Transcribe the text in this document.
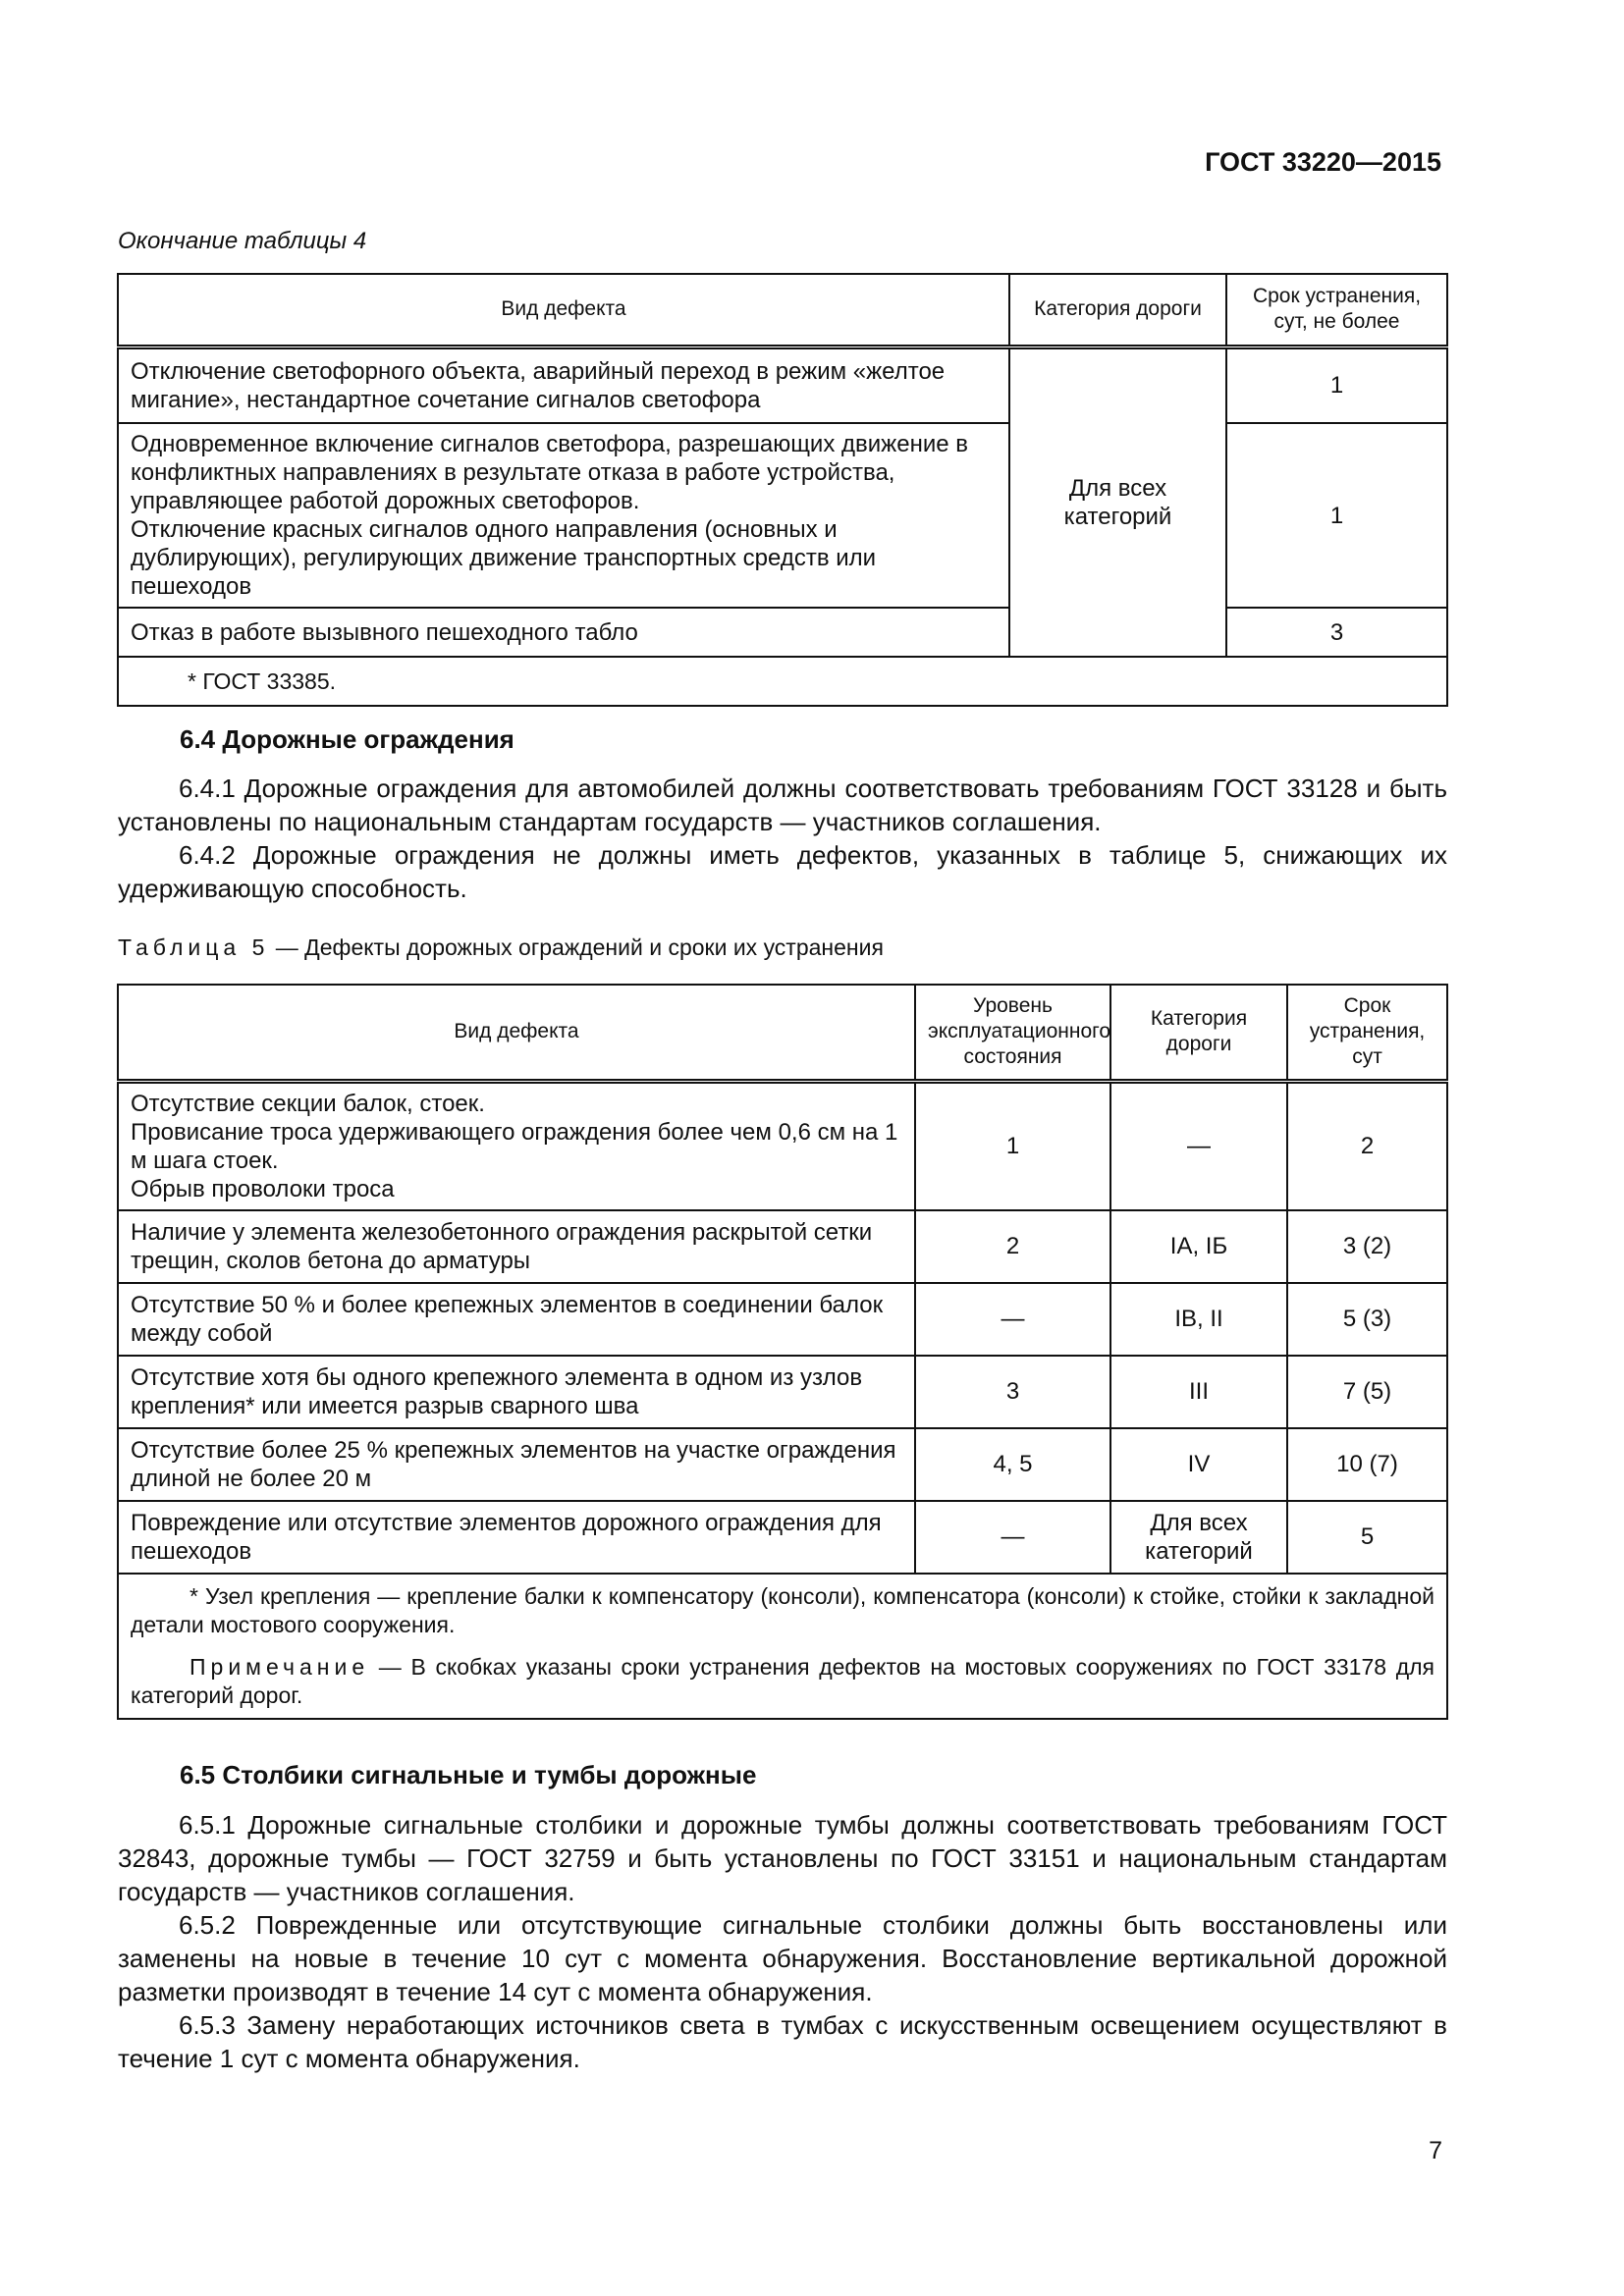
ГОСТ 33220—2015
Окончание таблицы 4
Вид дефекта	Категория дороги	Срок устранения, сут, не более
Отключение светофорного объекта, аварийный переход в режим «желтое мигание», нестандартное сочетание сигналов светофора	Для всех категорий	1

Одновременное включение сигналов светофора, разрешающих движение в конфликтных направлениях в результате отказа в работе устройства, управляющее работой дорожных светофоров.
Отключение красных сигналов одного направления (основных и дублирующих), регулирующих движение транспортных средств или пешеходов		1
Отказ в работе вызывного пешеходного табло		3
* ГОСТ 33385.		
6.4 Дорожные ограждения

6.4.1 Дорожные ограждения для автомобилей должны соответствовать требованиям ГОСТ 33128 и быть установлены по национальным стандартам государств — участников соглашения.

6.4.2 Дорожные ограждения не должны иметь дефектов, указанных в таблице 5, снижающих их удерживающую способность.

Таблица 5 — Дефекты дорожных ограждений и сроки их устранения
Вид дефекта	Уровень эксплуатационного состояния	Категория дороги	Срок устранения, сут

Отсутствие секции балок, стоек.
Провисание троса удерживающего ограждения более чем 0,6 см на 1 м шага стоек.
Обрыв проволоки троса	1	—	2
Наличие у элемента железобетонного ограждения раскрытой сетки трещин, сколов бетона до арматуры	2	IA, IБ	3 (2)
Отсутствие 50 % и более крепежных элементов в соединении балок между собой	—	IB, II	5 (3)
Отсутствие хотя бы одного крепежного элемента в одном из узлов крепления* или имеется разрыв сварного шва	3	III	7 (5)
Отсутствие более 25 % крепежных элементов на участке ограждения длиной не более 20 м	4, 5	IV	10 (7)
Повреждение или отсутствие элементов дорожного ограждения для пешеходов	—	Для всех категорий	5

* Узел крепления — крепление балки к компенсатору (консоли), компенсатора (консоли) к стойке, стойки к закладной детали мостового сооружения.
Примечание — В скобках указаны сроки устранения дефектов на мостовых сооружениях по ГОСТ 33178 для категорий дорог.			
6.5 Столбики сигнальные и тумбы дорожные

6.5.1 Дорожные сигнальные столбики и дорожные тумбы должны соответствовать требованиям ГОСТ 32843, дорожные тумбы — ГОСТ 32759 и быть установлены по ГОСТ 33151 и национальным стандартам государств — участников соглашения.

6.5.2 Поврежденные или отсутствующие сигнальные столбики должны быть восстановлены или заменены на новые в течение 10 сут с момента обнаружения. Восстановление вертикальной дорожной разметки производят в течение 14 сут с момента обнаружения.

6.5.3 Замену неработающих источников света в тумбах с искусственным освещением осуществляют в течение 1 сут с момента обнаружения.

7
